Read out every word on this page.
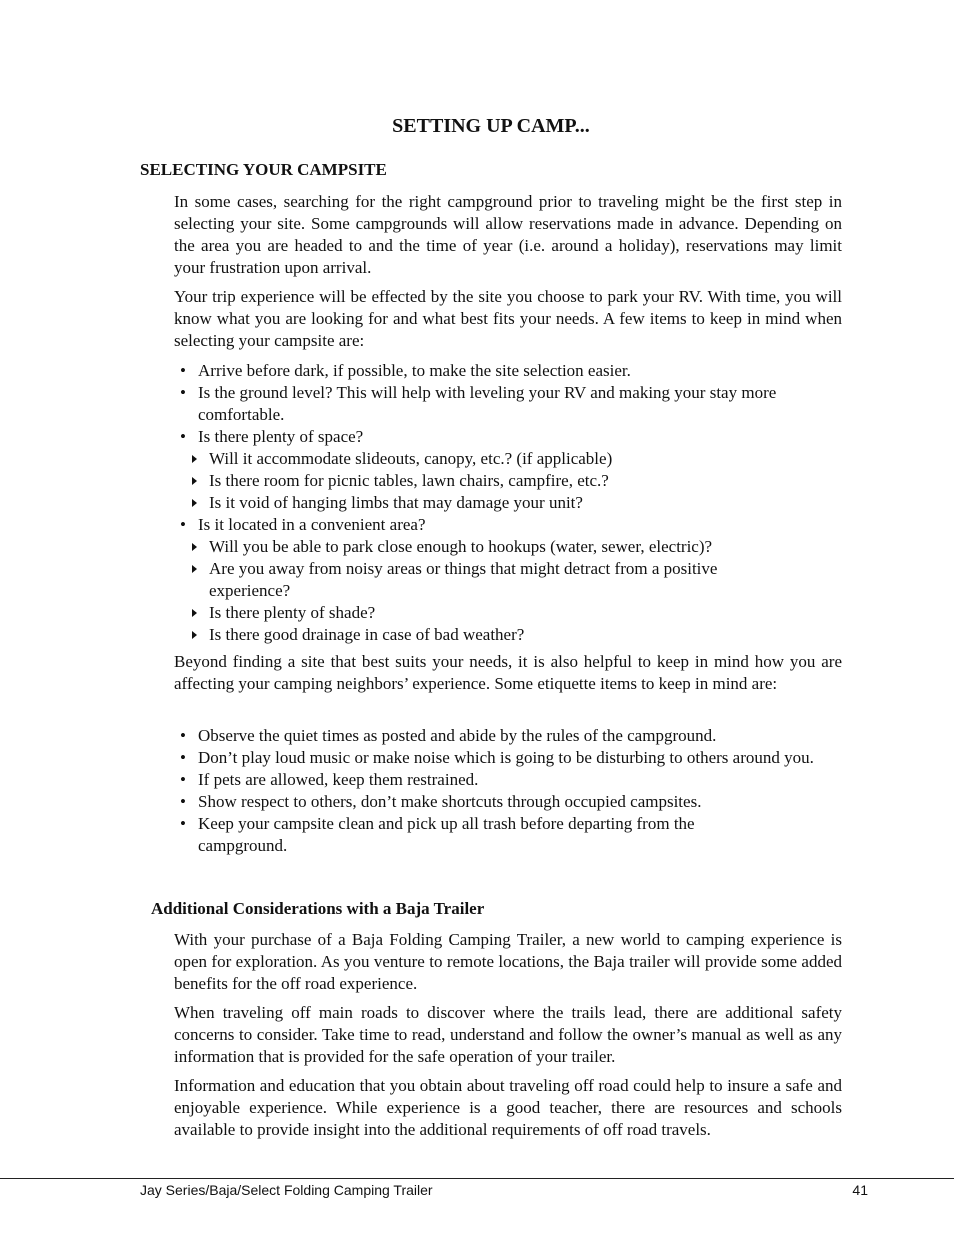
SETTING UP CAMP...
SELECTING YOUR CAMPSITE

In some cases, searching for the right campground prior to traveling might be the first step in selecting your site. Some campgrounds will allow reservations made in advance. Depending on the area you are headed to and the time of year (i.e. around a holiday), reservations may limit your frustration upon arrival.

Your trip experience will be effected by the site you choose to park your RV. With time, you will know what you are looking for and what best fits your needs. A few items to keep in mind when selecting your campsite are:

• Arrive before dark, if possible, to make the site selection easier.
• Is the ground level? This will help with leveling your RV and making your stay more comfortable.
• Is there plenty of space?
Will it accommodate slideouts, canopy, etc.? (if applicable)
Is there room for picnic tables, lawn chairs, campfire, etc.?
Is it void of hanging limbs that may damage your unit?
• Is it located in a convenient area?
Will you be able to park close enough to hookups (water, sewer, electric)?
Are you away from noisy areas or things that might detract from a positive experience?
Is there plenty of shade?
Is there good drainage in case of bad weather?

Beyond finding a site that best suits your needs, it is also helpful to keep in mind how you are affecting your camping neighbors’ experience. Some etiquette items to keep in mind are:

• Observe the quiet times as posted and abide by the rules of the campground.
• Don’t play loud music or make noise which is going to be disturbing to others around you.
• If pets are allowed, keep them restrained.
• Show respect to others, don’t make shortcuts through occupied campsites.
• Keep your campsite clean and pick up all trash before departing from the campground.
Additional Considerations with a Baja Trailer

With your purchase of a Baja Folding Camping Trailer, a new world to camping experience is open for exploration. As you venture to remote locations, the Baja trailer will provide some added benefits for the off road experience.

When traveling off main roads to discover where the trails lead, there are additional safety concerns to consider. Take time to read, understand and follow the owner’s manual as well as any information that is provided for the safe operation of your trailer.

Information and education that you obtain about traveling off road could help to insure a safe and enjoyable experience. While experience is a good teacher, there are resources and schools available to provide insight into the additional requirements of off road travels.

Jay Series/Baja/Select Folding Camping Trailer	41
